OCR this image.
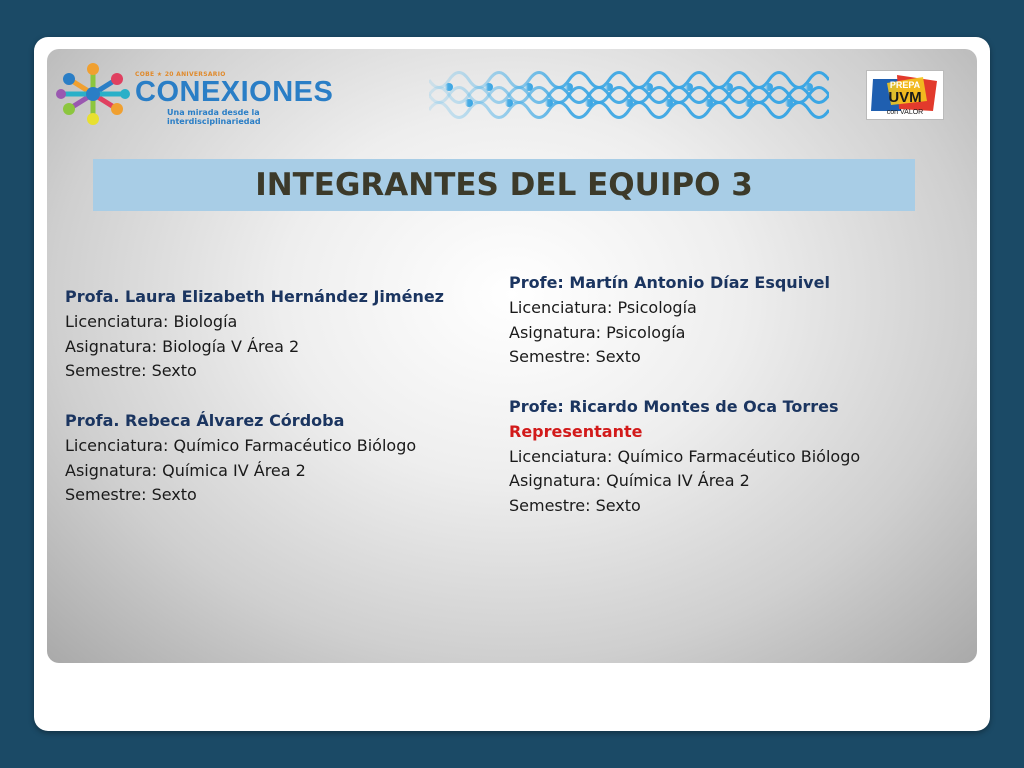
COBE ★ 20 ANIVERSARIO
CONEXIONES
Una mirada desde la interdisciplinariedad
PREPA
UVM
con VALOR
INTEGRANTES DEL EQUIPO 3
Profa. Laura Elizabeth Hernández Jiménez
Licenciatura: Biología
Asignatura: Biología V Área 2
Semestre: Sexto
Profa. Rebeca Álvarez Córdoba
Licenciatura: Químico Farmacéutico Biólogo
Asignatura: Química IV Área 2
Semestre: Sexto
Profe: Martín Antonio Díaz Esquivel
Licenciatura: Psicología
Asignatura: Psicología
Semestre: Sexto
Profe: Ricardo Montes de Oca Torres
Representante
Licenciatura: Químico Farmacéutico Biólogo
Asignatura: Química IV Área 2
Semestre: Sexto
